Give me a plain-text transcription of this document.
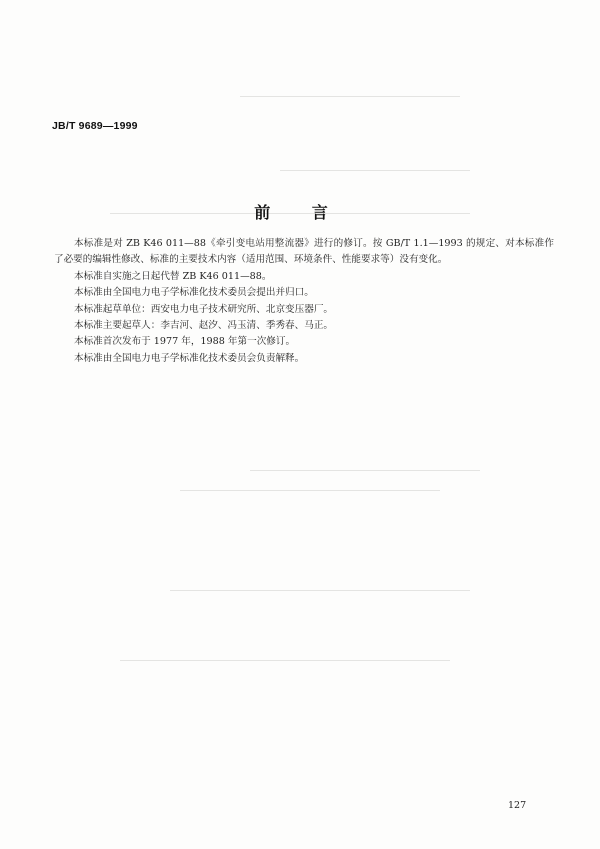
JB/T 9689—1999
前 言

本标准是对 ZB K46 011—88《牵引变电站用整流器》进行的修订。按 GB/T 1.1—1993 的规定、对本标准作了必要的编辑性修改、标准的主要技术内容（适用范围、环境条件、性能要求等）没有变化。

本标准自实施之日起代替 ZB K46 011—88。

本标准由全国电力电子学标准化技术委员会提出并归口。

本标准起草单位：西安电力电子技术研究所、北京变压器厂。

本标准主要起草人：李吉河、赵汐、冯玉清、季秀春、马正。

本标准首次发布于 1977 年，1988 年第一次修订。

本标准由全国电力电子学标准化技术委员会负责解释。

127
